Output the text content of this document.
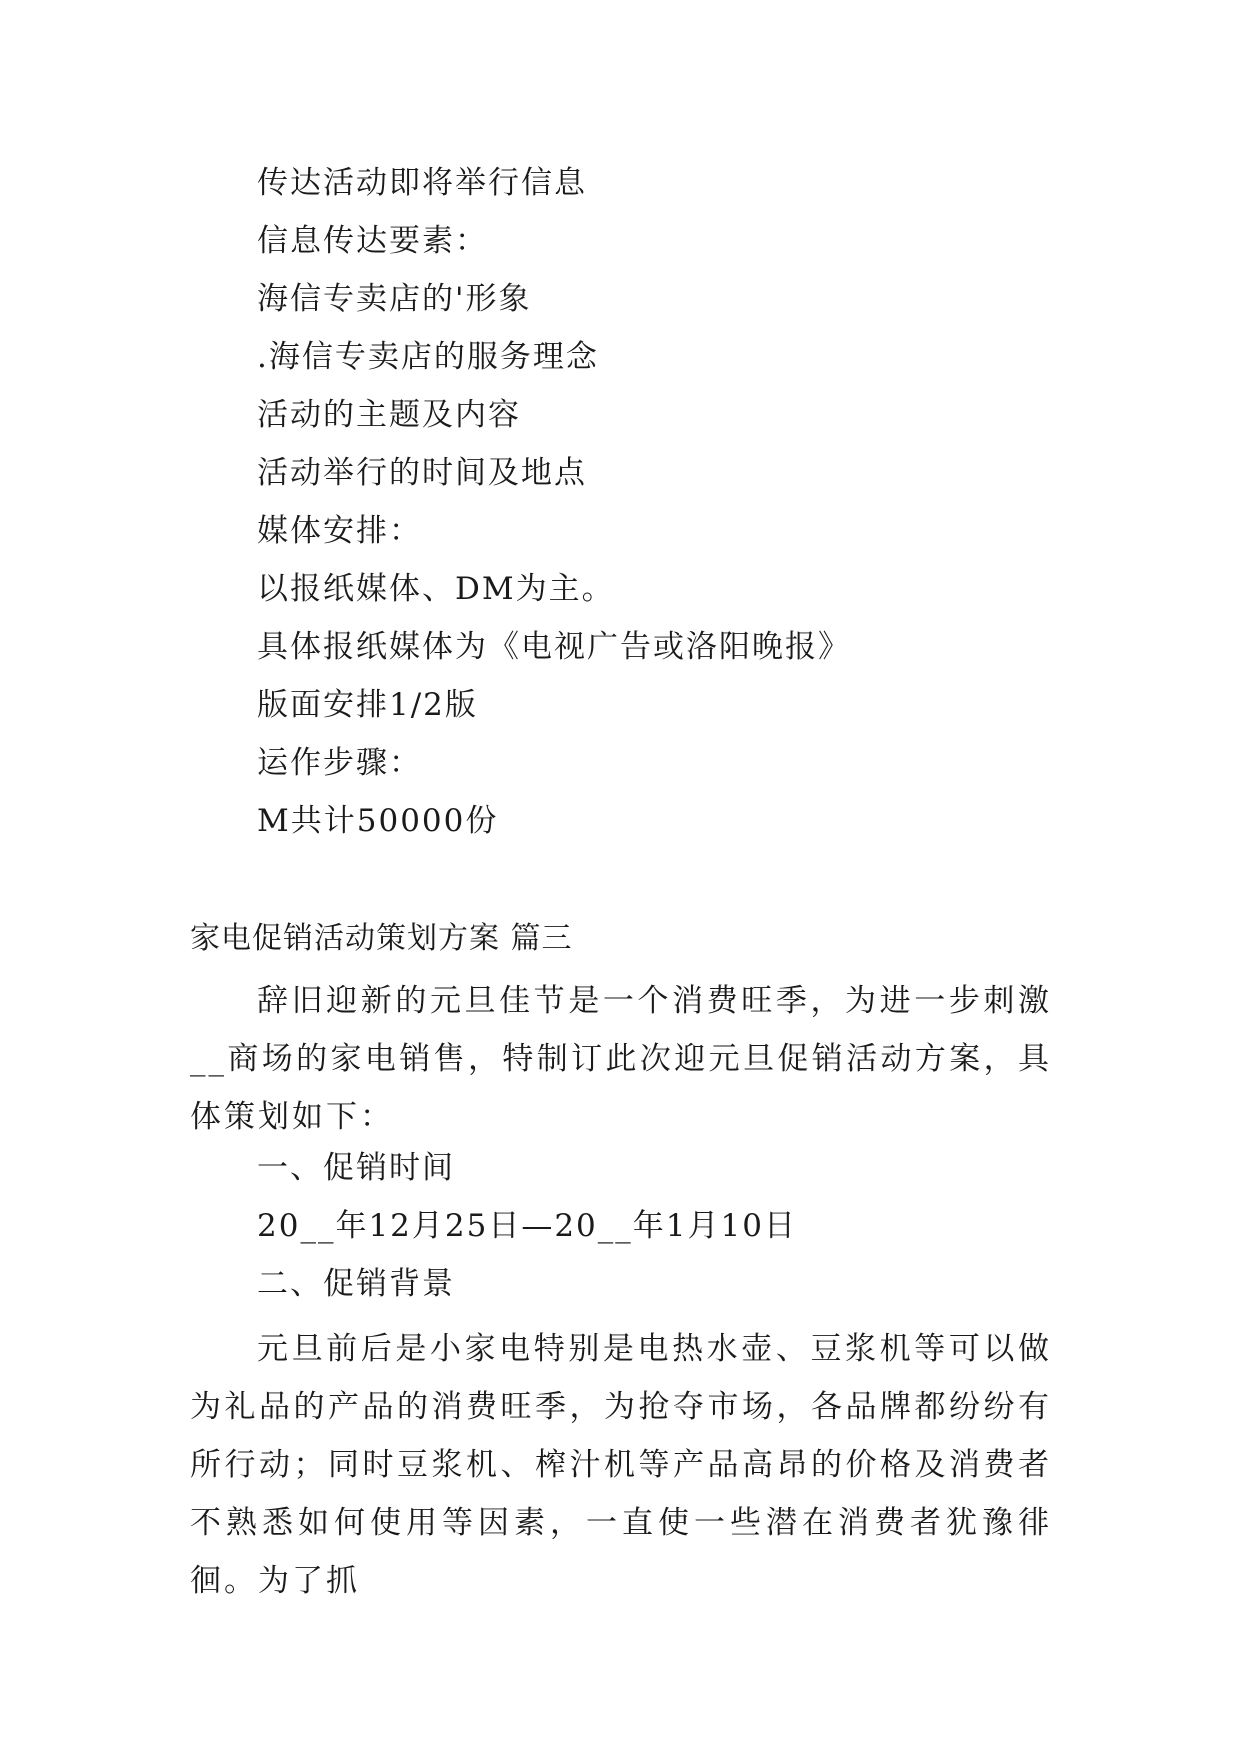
传达活动即将举行信息
信息传达要素：
海信专卖店的'形象
.海信专卖店的服务理念
活动的主题及内容
活动举行的时间及地点
媒体安排：
以报纸媒体、DM为主。
具体报纸媒体为《电视广告或洛阳晚报》
版面安排1/2版
运作步骤：
M共计50000份
家电促销活动策划方案 篇三
辞旧迎新的元旦佳节是一个消费旺季，为进一步刺激__商场的家电销售，特制订此次迎元旦促销活动方案，具体策划如下：
一、促销时间
20__年12月25日—20__年1月10日
二、促销背景
元旦前后是小家电特别是电热水壶、豆浆机等可以做为礼品的产品的消费旺季，为抢夺市场，各品牌都纷纷有所行动；同时豆浆机、榨汁机等产品高昂的价格及消费者不熟悉如何使用等因素，一直使一些潜在消费者犹豫徘徊。为了抓
